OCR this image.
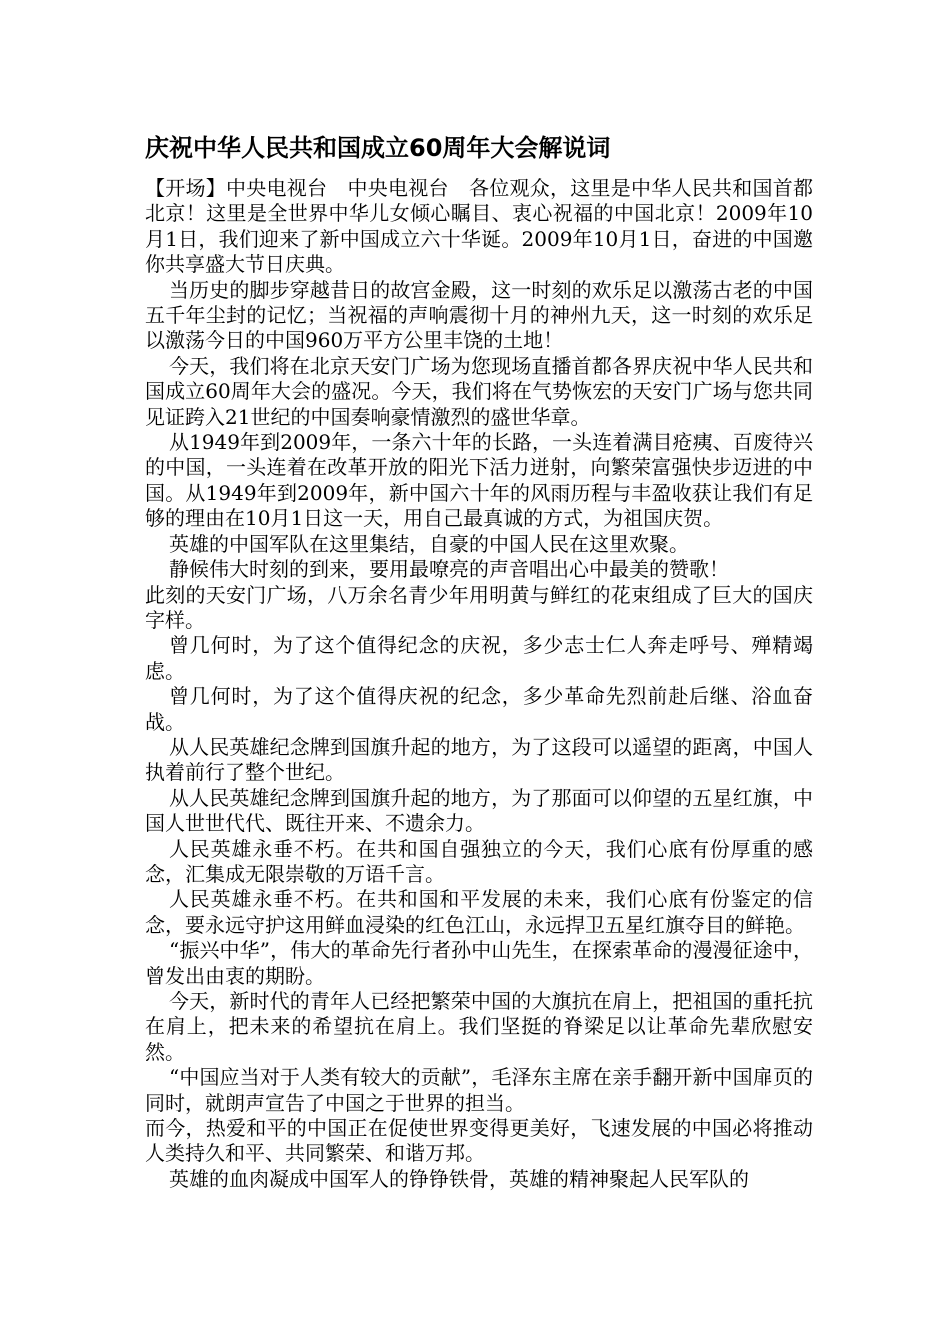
庆祝中华人民共和国成立60周年大会解说词

【开场】中央电视台　中央电视台　各位观众，这里是中华人民共和国首都北京！这里是全世界中华儿女倾心瞩目、衷心祝福的中国北京！2009年10月1日，我们迎来了新中国成立六十华诞。2009年10月1日，奋进的中国邀你共享盛大节日庆典。

当历史的脚步穿越昔日的故宫金殿，这一时刻的欢乐足以激荡古老的中国五千年尘封的记忆；当祝福的声响震彻十月的神州九天，这一时刻的欢乐足以激荡今日的中国960万平方公里丰饶的土地！

今天，我们将在北京天安门广场为您现场直播首都各界庆祝中华人民共和国成立60周年大会的盛况。今天，我们将在气势恢宏的天安门广场与您共同见证跨入21世纪的中国奏响豪情激烈的盛世华章。

从1949年到2009年，一条六十年的长路，一头连着满目疮痍、百废待兴的中国，一头连着在改革开放的阳光下活力迸射，向繁荣富强快步迈进的中国。从1949年到2009年，新中国六十年的风雨历程与丰盈收获让我们有足够的理由在10月1日这一天，用自己最真诚的方式，为祖国庆贺。

英雄的中国军队在这里集结，自豪的中国人民在这里欢聚。

静候伟大时刻的到来，要用最嘹亮的声音唱出心中最美的赞歌！

此刻的天安门广场，八万余名青少年用明黄与鲜红的花束组成了巨大的国庆字样。

曾几何时，为了这个值得纪念的庆祝，多少志士仁人奔走呼号、殚精竭虑。

曾几何时，为了这个值得庆祝的纪念，多少革命先烈前赴后继、浴血奋战。

从人民英雄纪念牌到国旗升起的地方，为了这段可以遥望的距离，中国人执着前行了整个世纪。

从人民英雄纪念牌到国旗升起的地方，为了那面可以仰望的五星红旗，中国人世世代代、既往开来、不遗余力。

人民英雄永垂不朽。在共和国自强独立的今天，我们心底有份厚重的感念，汇集成无限崇敬的万语千言。

人民英雄永垂不朽。在共和国和平发展的未来，我们心底有份鉴定的信念，要永远守护这用鲜血浸染的红色江山，永远捍卫五星红旗夺目的鲜艳。

“振兴中华”，伟大的革命先行者孙中山先生，在探索革命的漫漫征途中，曾发出由衷的期盼。

今天，新时代的青年人已经把繁荣中国的大旗抗在肩上，把祖国的重托抗在肩上，把未来的希望抗在肩上。我们坚挺的脊梁足以让革命先辈欣慰安然。

“中国应当对于人类有较大的贡献”，毛泽东主席在亲手翻开新中国扉页的同时，就朗声宣告了中国之于世界的担当。

而今，热爱和平的中国正在促使世界变得更美好，飞速发展的中国必将推动人类持久和平、共同繁荣、和谐万邦。

英雄的血肉凝成中国军人的铮铮铁骨，英雄的精神聚起人民军队的
